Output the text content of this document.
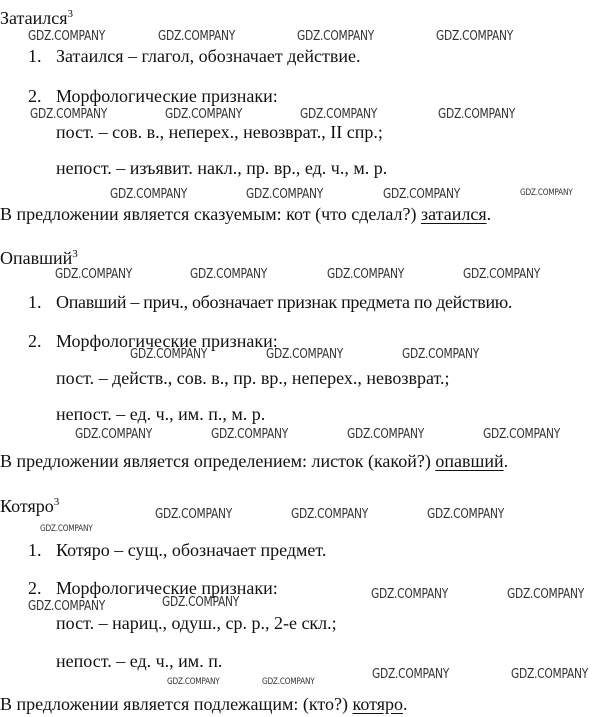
Затаился$^3$
1. Затаился – глагол, обозначает действие.
2. Морфологические признаки:
пост. – сов. в., неперех., невозврат., II спр.;
непост. – изъявит. накл., пр. вр., ед. ч., м. р.
В предложении является сказуемым: кот (что сделал?) затаился.
Опавший$^3$
1. Опавший – прич., обозначает признак предмета по действию.
2. Морфологические признаки:
пост. – действ., сов. в., пр. вр., неперех., невозврат.;
непост. – ед. ч., им. п., м. р.
В предложении является определением: листок (какой?) опавший.
Котяро$^3$
1. Котяро – сущ., обозначает предмет.
2. Морфологические признаки:
пост. – нариц., одуш., ср. р., 2-е скл.;
непост. – ед. ч., им. п.
В предложении является подлежащим: (кто?) котяро.
GDZ.COMPANY	GDZ.COMPANY	GDZ.COMPANY	GDZ.COMPANY
GDZ.COMPANY	GDZ.COMPANY	GDZ.COMPANY	GDZ.COMPANY
GDZ.COMPANY	GDZ.COMPANY	GDZ.COMPANY	GDZ.COMPANY
GDZ.COMPANY	GDZ.COMPANY	GDZ.COMPANY	GDZ.COMPANY
GDZ.COMPANY	GDZ.COMPANY	GDZ.COMPANY
GDZ.COMPANY	GDZ.COMPANY	GDZ.COMPANY	GDZ.COMPANY
GDZ.COMPANY
GDZ.COMPANY	GDZ.COMPANY	GDZ.COMPANY
GDZ.COMPANY	GDZ.COMPANY
GDZ.COMPANY	GDZ.COMPANY
GDZ.COMPANY	GDZ.COMPANY	GDZ.COMPANY	GDZ.COMPANY
